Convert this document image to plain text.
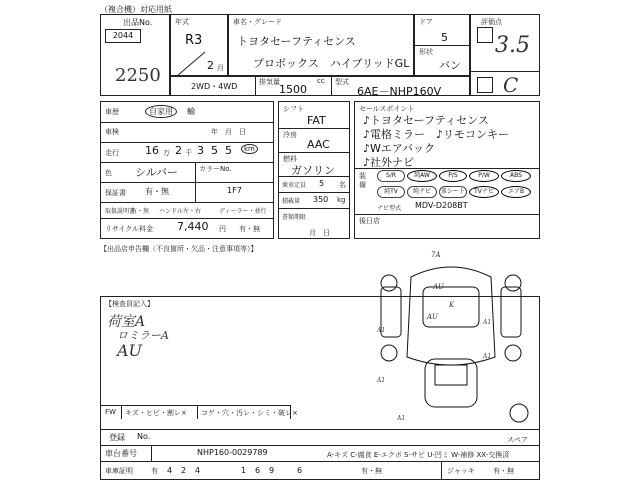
（複合機）対応用紙
出品No.
2044
2250
年式
R3
2 月
車名・グレード
トヨタセーフティセンス
プロボックス　ハイブリッドGL
ドア
5
形状
バン
評価点
3.5
C
2WD・4WD	排気量
1500
cc 型式
6AE－NHP160V
車歴	自家用	輸
車検	年　月　日
走行 16 万 2 千 3 5 5	km
色 シルバー	カラーNo.
保証書 有・無	1F7
取扱説明書
有・無 ハンドル 左・右	ディーラー・並行
リサイクル料金 7,440 円 有・無
【出品店申告欄（不良箇所・欠品・注意事項等）】
シフト
FAT
冷房
AAC
燃料
ガソリン
乗車定員 5 名
積載量 350 kg
書類期限
月　日
セールスポイント
♪トヨタセーフティセンス
♪電格ミラー　♪リモコンキー
♪Wエアバック
♪社外ナビ
装備
S/R	純AW	P/S	P/W	ABS
純TV	純ナビ	革シート	TVナビ	エアB
ナビ型式 MDV-D208BT
後日店
【検査員記入】
荷室A
ロミラーA
AU
7A
AU
AU
K
A1
A1
A1
A1
A1
スペア
FW キズ・ヒビ・割レ× コゲ・穴・汚レ・シミ・破レ×
登録 No.
車台番号	NHP160-0029789	A-キズ C-腐食 E-エクボ S-サビ U-凹ミ W-補修 XX-交換済
車庫証明	有 4 2 4	1 6 9	6	有・無	ジャッキ	有・無
